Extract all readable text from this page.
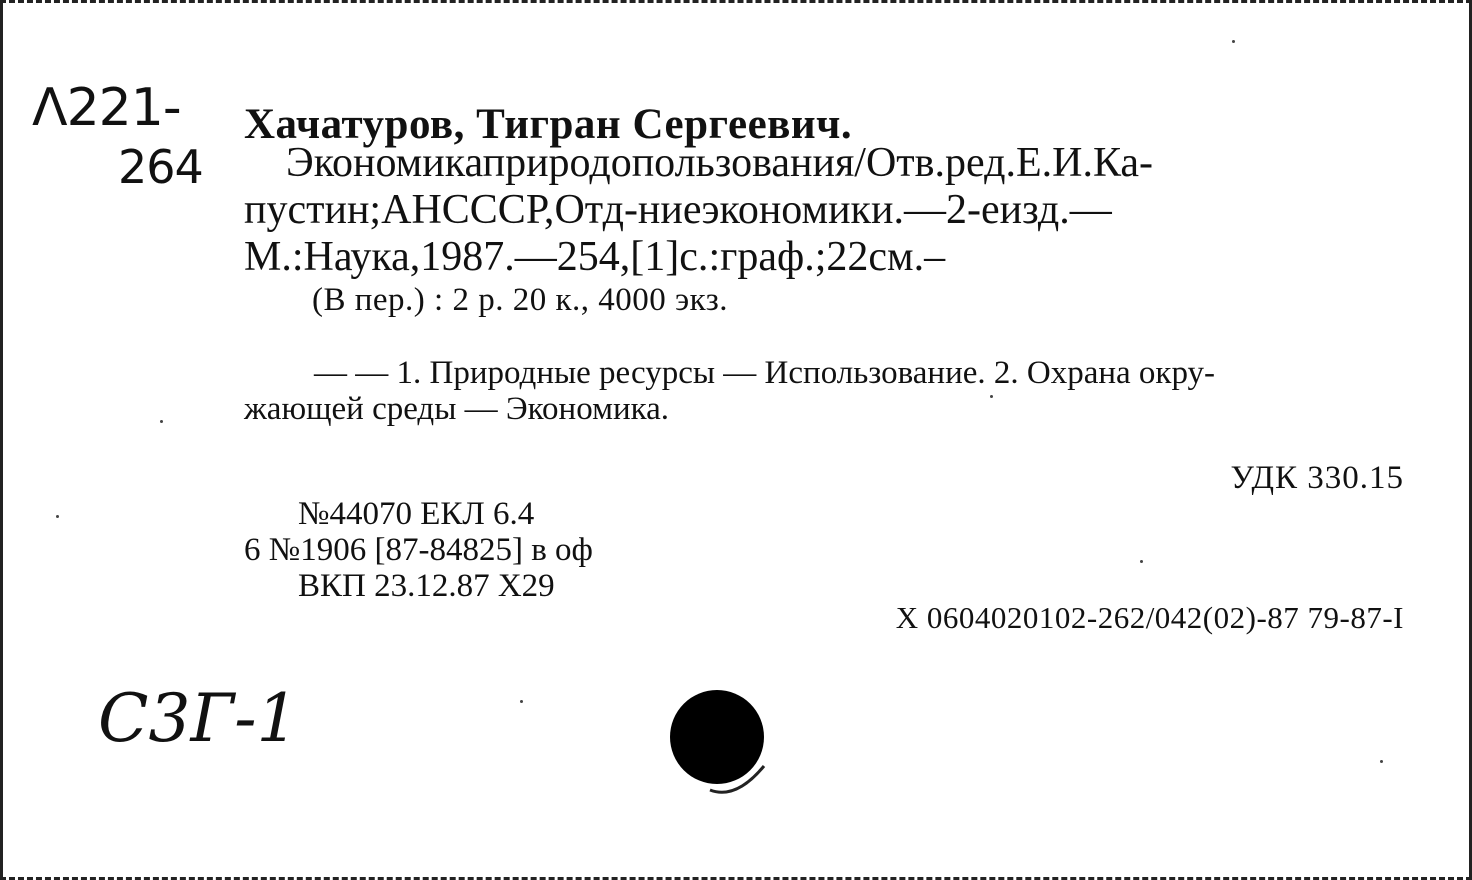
Λ221-
264
Хачатуров, Тигран Сергеевич.
Экономикаприродопользования/Отв.ред.Е.И.Ка-
пустин;АНСССР,Отд-ниеэкономики.—2-еизд.—
М.:Наука,1987.—254,[1]с.:граф.;22см.–
(В пер.) : 2 р. 20 к., 4000 экз.
— — 1. Природные ресурсы — Использование. 2. Охрана окру-
жающей среды — Экономика.
УДК 330.15
№44070 ЕКЛ 6.4
6 №1906 [87-84825] в оф
ВКП 23.12.87 Х29
Х 0604020102-262/042(02)-87 79-87-I
С3Г-1
